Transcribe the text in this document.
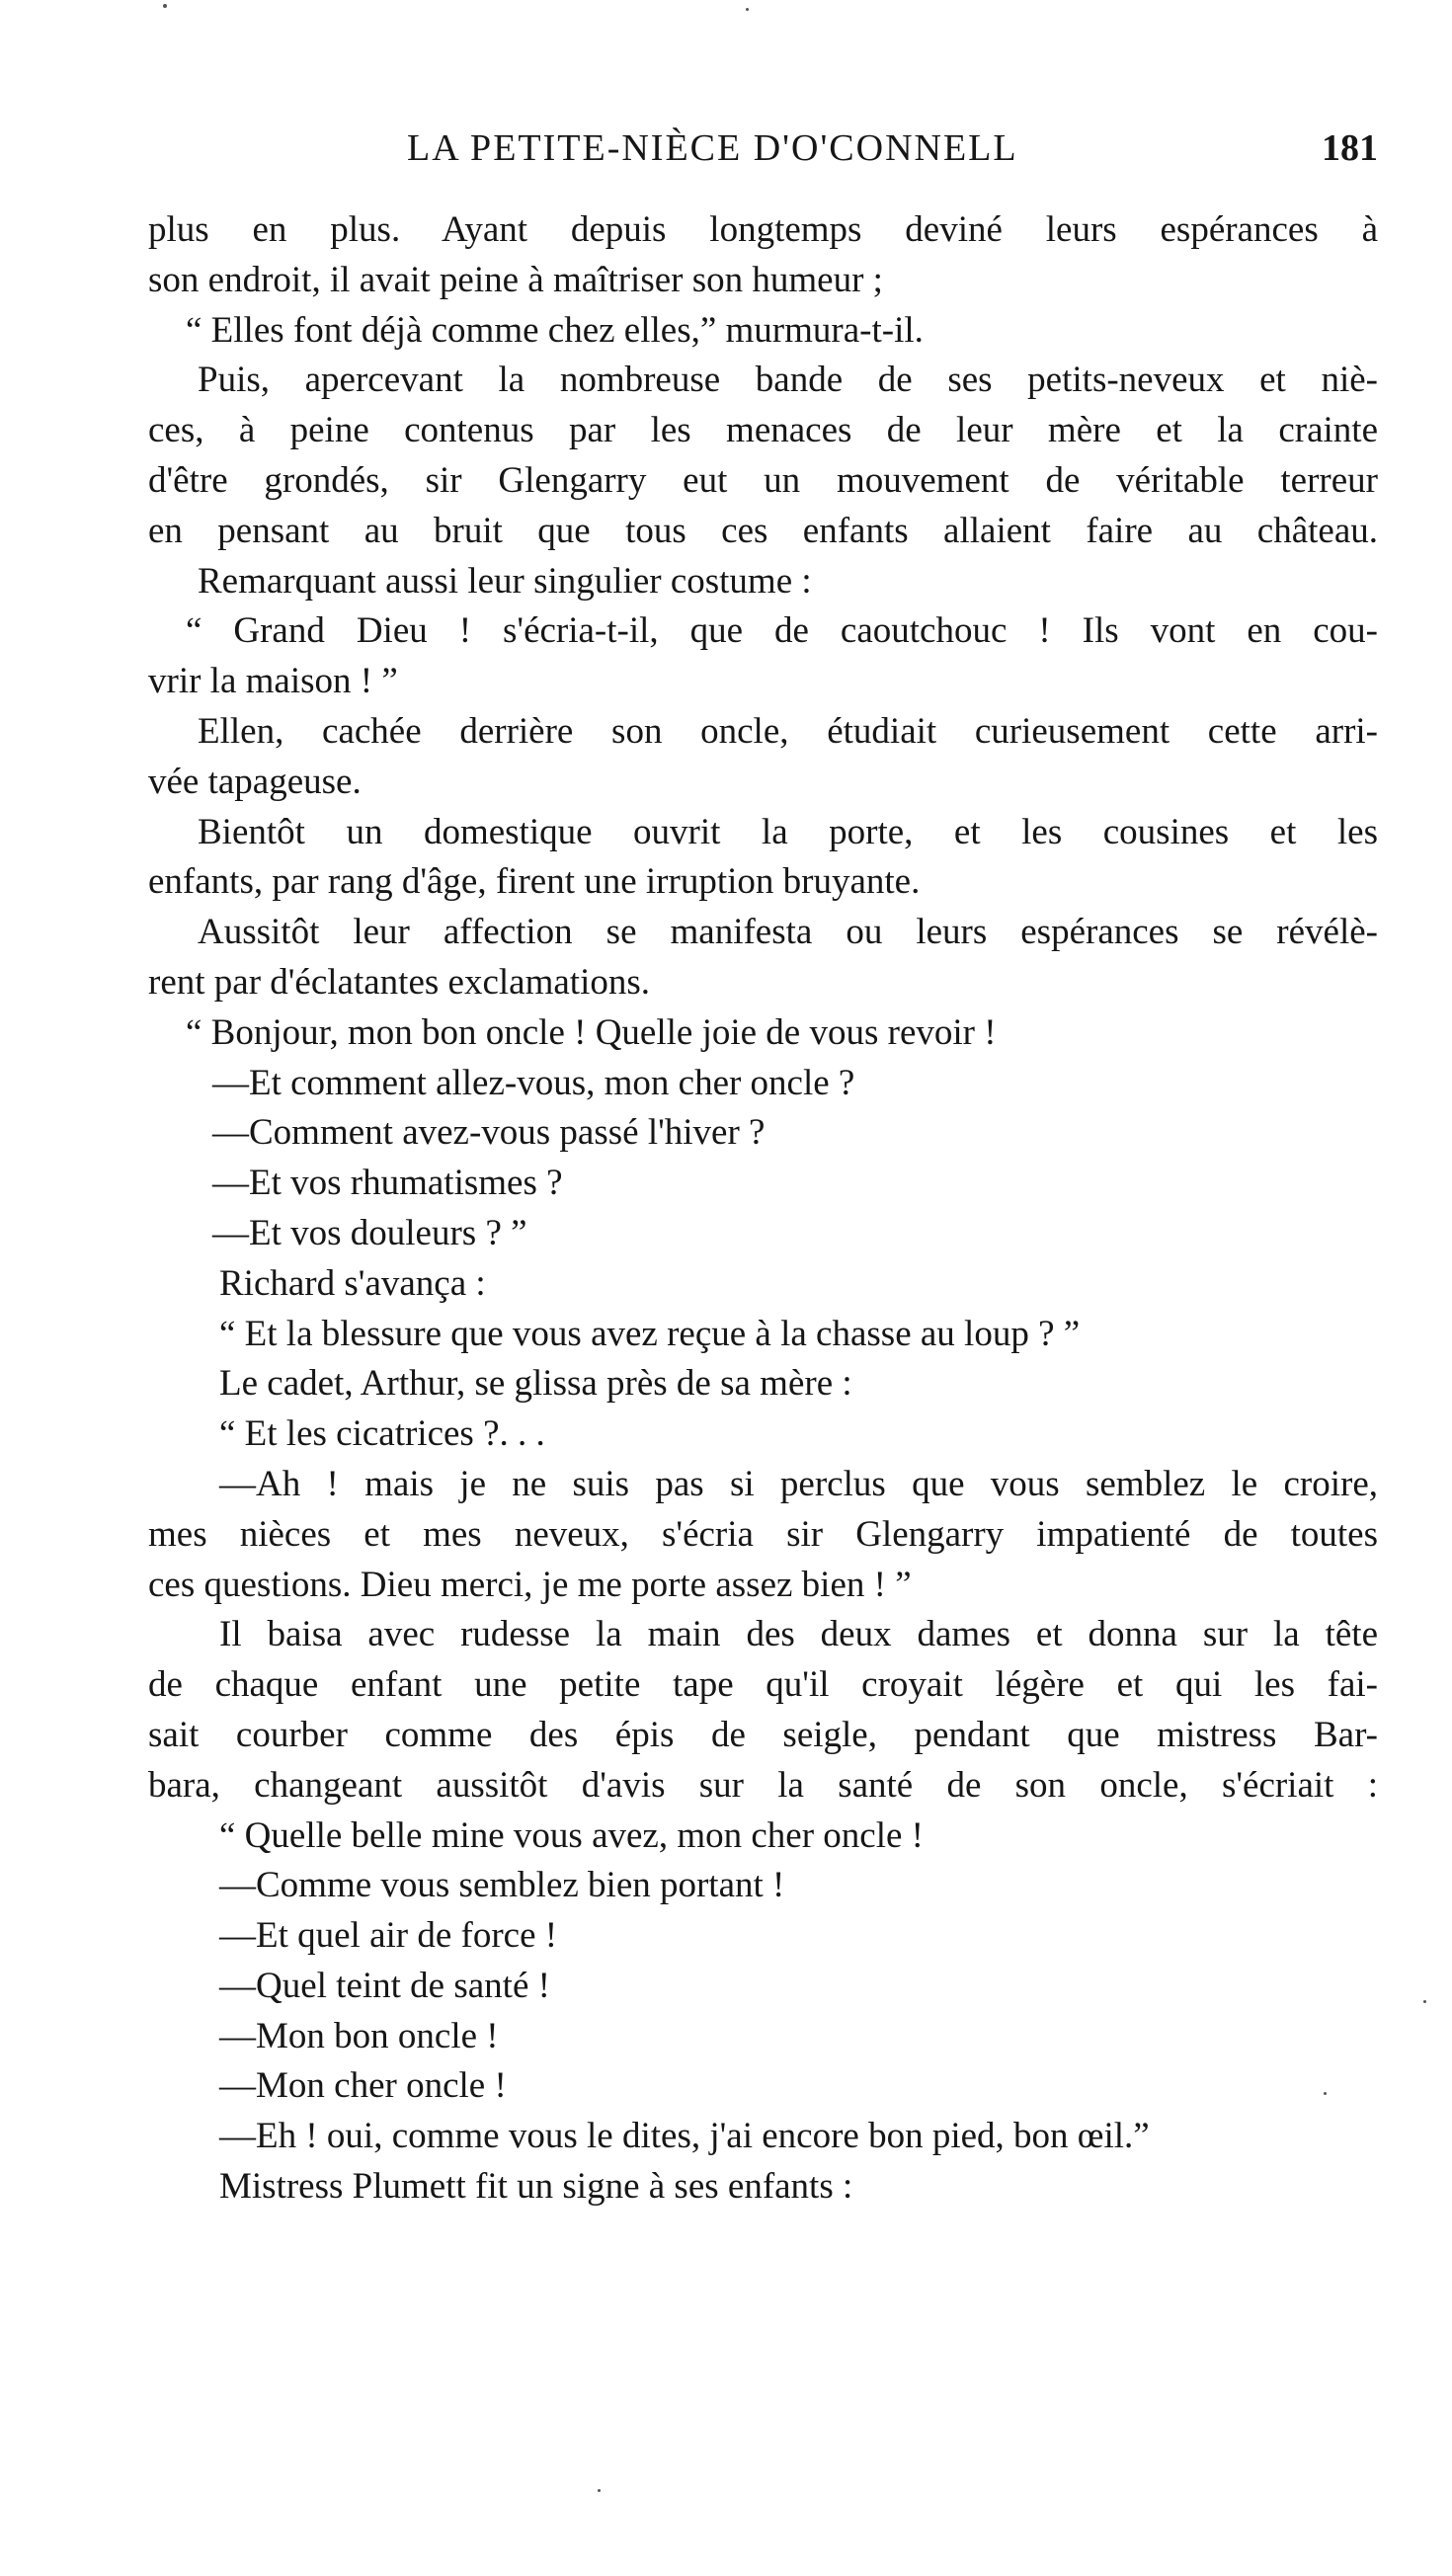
LA PETITE-NIÈCE D'O'CONNELL	181
plus en plus. Ayant depuis longtemps deviné leurs espérances à
son endroit, il avait peine à maîtriser son humeur ;
“ Elles font déjà comme chez elles,” murmura-t-il.
Puis, apercevant la nombreuse bande de ses petits-neveux et niè-
ces, à peine contenus par les menaces de leur mère et la crainte
d'être grondés, sir Glengarry eut un mouvement de véritable terreur
en pensant au bruit que tous ces enfants allaient faire au château.
Remarquant aussi leur singulier costume :
“ Grand Dieu ! s'écria-t-il, que de caoutchouc ! Ils vont en cou-
vrir la maison ! ”
Ellen, cachée derrière son oncle, étudiait curieusement cette arri-
vée tapageuse.
Bientôt un domestique ouvrit la porte, et les cousines et les
enfants, par rang d'âge, firent une irruption bruyante.
Aussitôt leur affection se manifesta ou leurs espérances se révélè-
rent par d'éclatantes exclamations.
“ Bonjour, mon bon oncle ! Quelle joie de vous revoir !
—Et comment allez-vous, mon cher oncle ?
—Comment avez-vous passé l'hiver ?
—Et vos rhumatismes ?
—Et vos douleurs ? ”
Richard s'avança :
“ Et la blessure que vous avez reçue à la chasse au loup ? ”
Le cadet, Arthur, se glissa près de sa mère :
“ Et les cicatrices ?. . .
—Ah ! mais je ne suis pas si perclus que vous semblez le croire,
mes nièces et mes neveux, s'écria sir Glengarry impatienté de toutes
ces questions. Dieu merci, je me porte assez bien ! ”
Il baisa avec rudesse la main des deux dames et donna sur la tête
de chaque enfant une petite tape qu'il croyait légère et qui les fai-
sait courber comme des épis de seigle, pendant que mistress Bar-
bara, changeant aussitôt d'avis sur la santé de son oncle, s'écriait :
“ Quelle belle mine vous avez, mon cher oncle !
—Comme vous semblez bien portant !
—Et quel air de force !
—Quel teint de santé !
—Mon bon oncle !
—Mon cher oncle !
—Eh ! oui, comme vous le dites, j'ai encore bon pied, bon œil.”
Mistress Plumett fit un signe à ses enfants :
